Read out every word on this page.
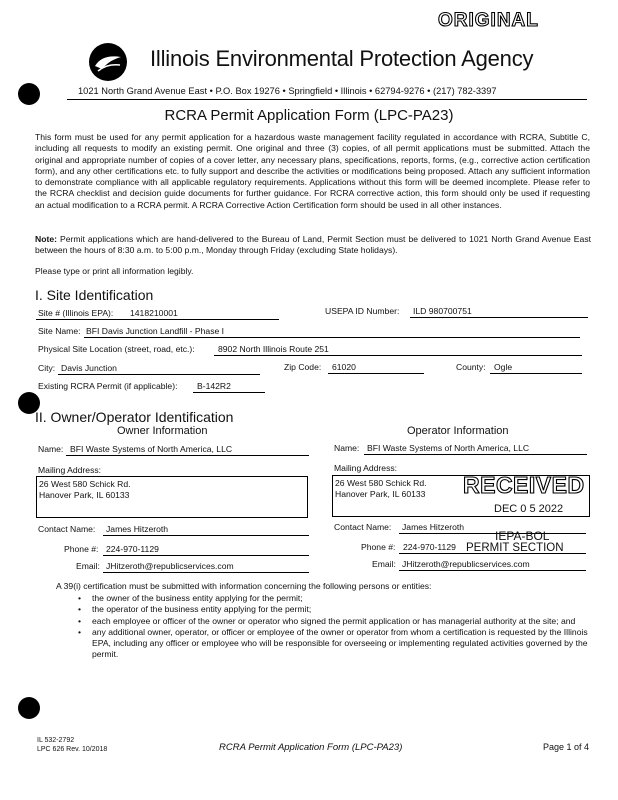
ORIGINAL
Illinois Environmental Protection Agency
1021 North Grand Avenue East • P.O. Box 19276 • Springfield • Illinois • 62794-9276 • (217) 782-3397
RCRA Permit Application Form (LPC-PA23)
This form must be used for any permit application for a hazardous waste management facility regulated in accordance with RCRA, Subtitle C, including all requests to modify an existing permit. One original and three (3) copies, of all permit applications must be submitted. Attach the original and appropriate number of copies of a cover letter, any necessary plans, specifications, reports, forms, (e.g., corrective action certification form), and any other certifications etc. to fully support and describe the activities or modifications being proposed. Attach any sufficient information to demonstrate compliance with all applicable regulatory requirements. Applications without this form will be deemed incomplete. Please refer to the RCRA checklist and decision guide documents for further guidance. For RCRA corrective action, this form should only be used if requesting an actual modification to a RCRA permit. A RCRA Corrective Action Certification form should be used in all other instances.
Note: Permit applications which are hand-delivered to the Bureau of Land, Permit Section must be delivered to 1021 North Grand Avenue East between the hours of 8:30 a.m. to 5:00 p.m., Monday through Friday (excluding State holidays).
Please type or print all information legibly.
I. Site Identification
Site # (Illinois EPA): 1418210001	USEPA ID Number: ILD 980700751
Site Name: BFI Davis Junction Landfill - Phase I
Physical Site Location (street, road, etc.):	8902 North Illinois Route 251
City: Davis Junction	Zip Code: 61020	County: Ogle
Existing RCRA Permit (if applicable): B-142R2
II. Owner/Operator Identification
Owner Information	Operator Information
Name: BFI Waste Systems of North America, LLC
Mailing Address:
26 West 580 Schick Rd.
Hanover Park, IL 60133
Contact Name: James Hitzeroth
Phone #: 224-970-1129
Email: JHitzeroth@republicservices.com
Name: BFI Waste Systems of North America, LLC
Mailing Address:
26 West 580 Schick Rd.
Hanover Park, IL 60133	RECEIVED
DEC 0 5 2022
Contact Name: James Hitzeroth
IEPA-BOL
Phone #: 224-970-1129 PERMIT SECTION
Email: JHitzeroth@republicservices.com
A 39(i) certification must be submitted with information concerning the following persons or entities:
• the owner of the business entity applying for the permit;
• the operator of the business entity applying for the permit;
• each employee or officer of the owner or operator who signed the permit application or has managerial authority at the site; and
• any additional owner, operator, or officer or employee of the owner or operator from whom a certification is requested by the Illinois EPA, including any officer or employee who will be responsible for overseeing or implementing regulated activities governed by the permit.
IL 532-2792
LPC 626 Rev. 10/2018	RCRA Permit Application Form (LPC-PA23)	Page 1 of 4
